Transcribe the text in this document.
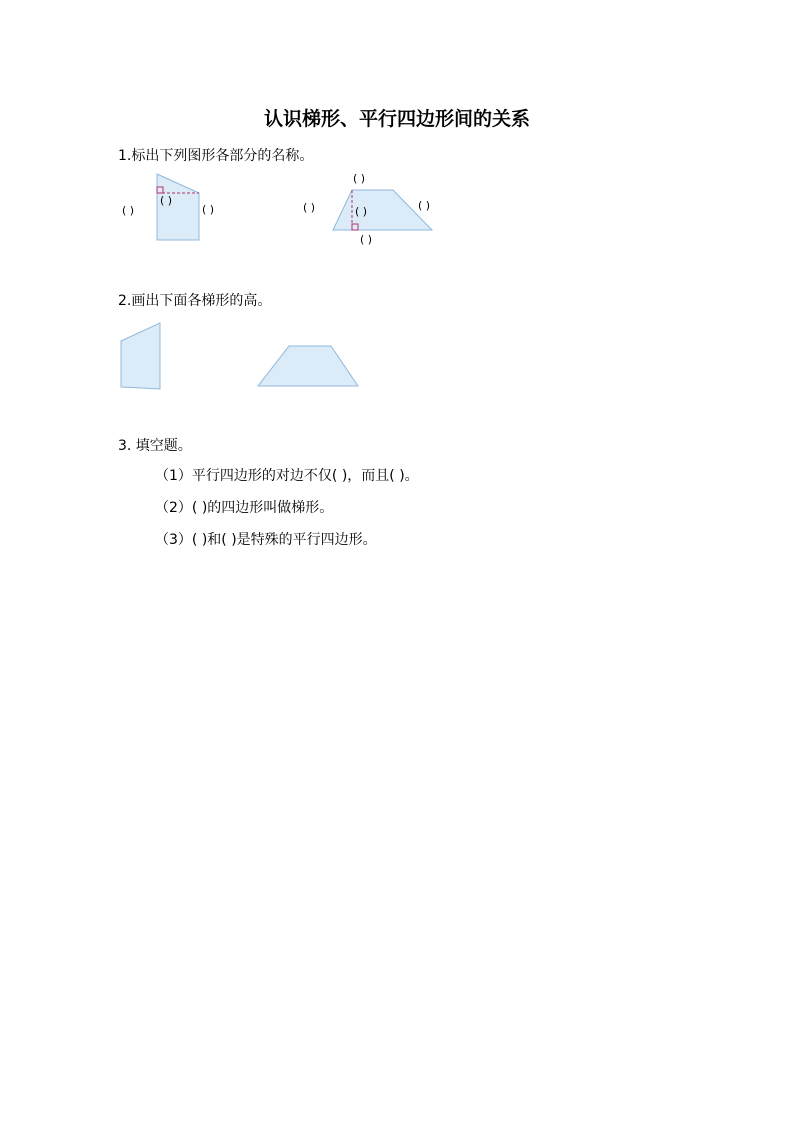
认识梯形、平行四边形间的关系
1.标出下列图形各部分的名称。
( )
( )
( )
( )
( )	( )	( )
( )
2.画出下面各梯形的高。
3. 填空题。
（1）平行四边形的对边不仅( )，而且( )。
（2）( )的四边形叫做梯形。
（3）( )和( )是特殊的平行四边形。
